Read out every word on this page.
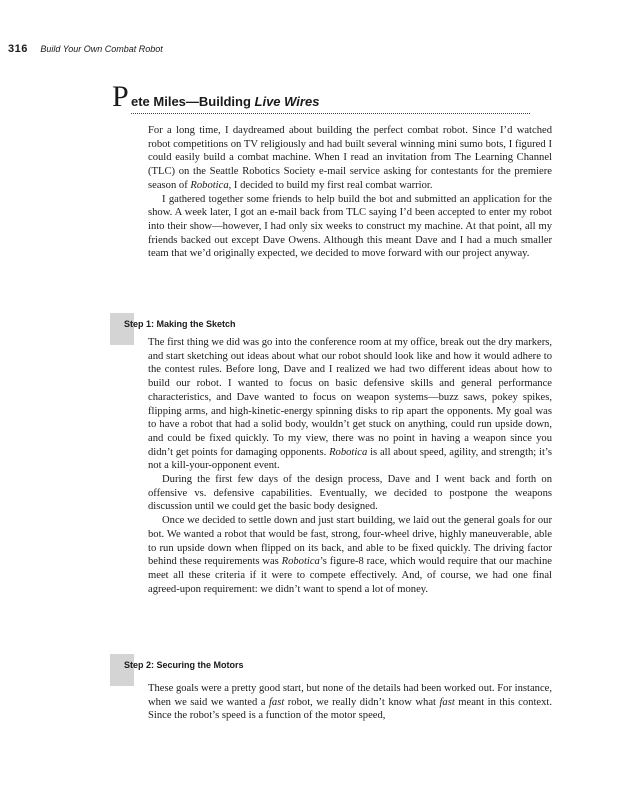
316 Build Your Own Combat Robot
P ete Miles—Building Live Wires

For a long time, I daydreamed about building the perfect combat robot. Since I’d watched robot competitions on TV religiously and had built several winning mini sumo bots, I figured I could easily build a combat machine. When I read an invitation from The Learning Channel (TLC) on the Seattle Robotics Society e-mail service asking for contestants for the premiere season of Robotica, I decided to build my first real combat warrior.

I gathered together some friends to help build the bot and submitted an application for the show. A week later, I got an e-mail back from TLC saying I’d been accepted to enter my robot into their show—however, I had only six weeks to construct my machine. At that point, all my friends backed out except Dave Owens. Although this meant Dave and I had a much smaller team that we’d originally expected, we decided to move forward with our project anyway.

Step 1: Making the Sketch

The first thing we did was go into the conference room at my office, break out the dry markers, and start sketching out ideas about what our robot should look like and how it would adhere to the contest rules. Before long, Dave and I realized we had two different ideas about how to build our robot. I wanted to focus on basic defensive skills and general performance characteristics, and Dave wanted to focus on weapon systems—buzz saws, pokey spikes, flipping arms, and high-kinetic-energy spinning disks to rip apart the opponents. My goal was to have a robot that had a solid body, wouldn’t get stuck on anything, could run upside down, and could be fixed quickly. To my view, there was no point in having a weapon since you didn’t get points for damaging opponents. Robotica is all about speed, agility, and strength; it’s not a kill-your-opponent event.

During the first few days of the design process, Dave and I went back and forth on offensive vs. defensive capabilities. Eventually, we decided to postpone the weapons discussion until we could get the basic body designed.

Once we decided to settle down and just start building, we laid out the general goals for our bot. We wanted a robot that would be fast, strong, four-wheel drive, highly maneuverable, able to run upside down when flipped on its back, and able to be fixed quickly. The driving factor behind these requirements was Robotica’s figure-8 race, which would require that our machine meet all these criteria if it were to compete effectively. And, of course, we had one final agreed-upon requirement: we didn’t want to spend a lot of money.

Step 2: Securing the Motors

These goals were a pretty good start, but none of the details had been worked out. For instance, when we said we wanted a fast robot, we really didn’t know what fast meant in this context. Since the robot’s speed is a function of the motor speed,
